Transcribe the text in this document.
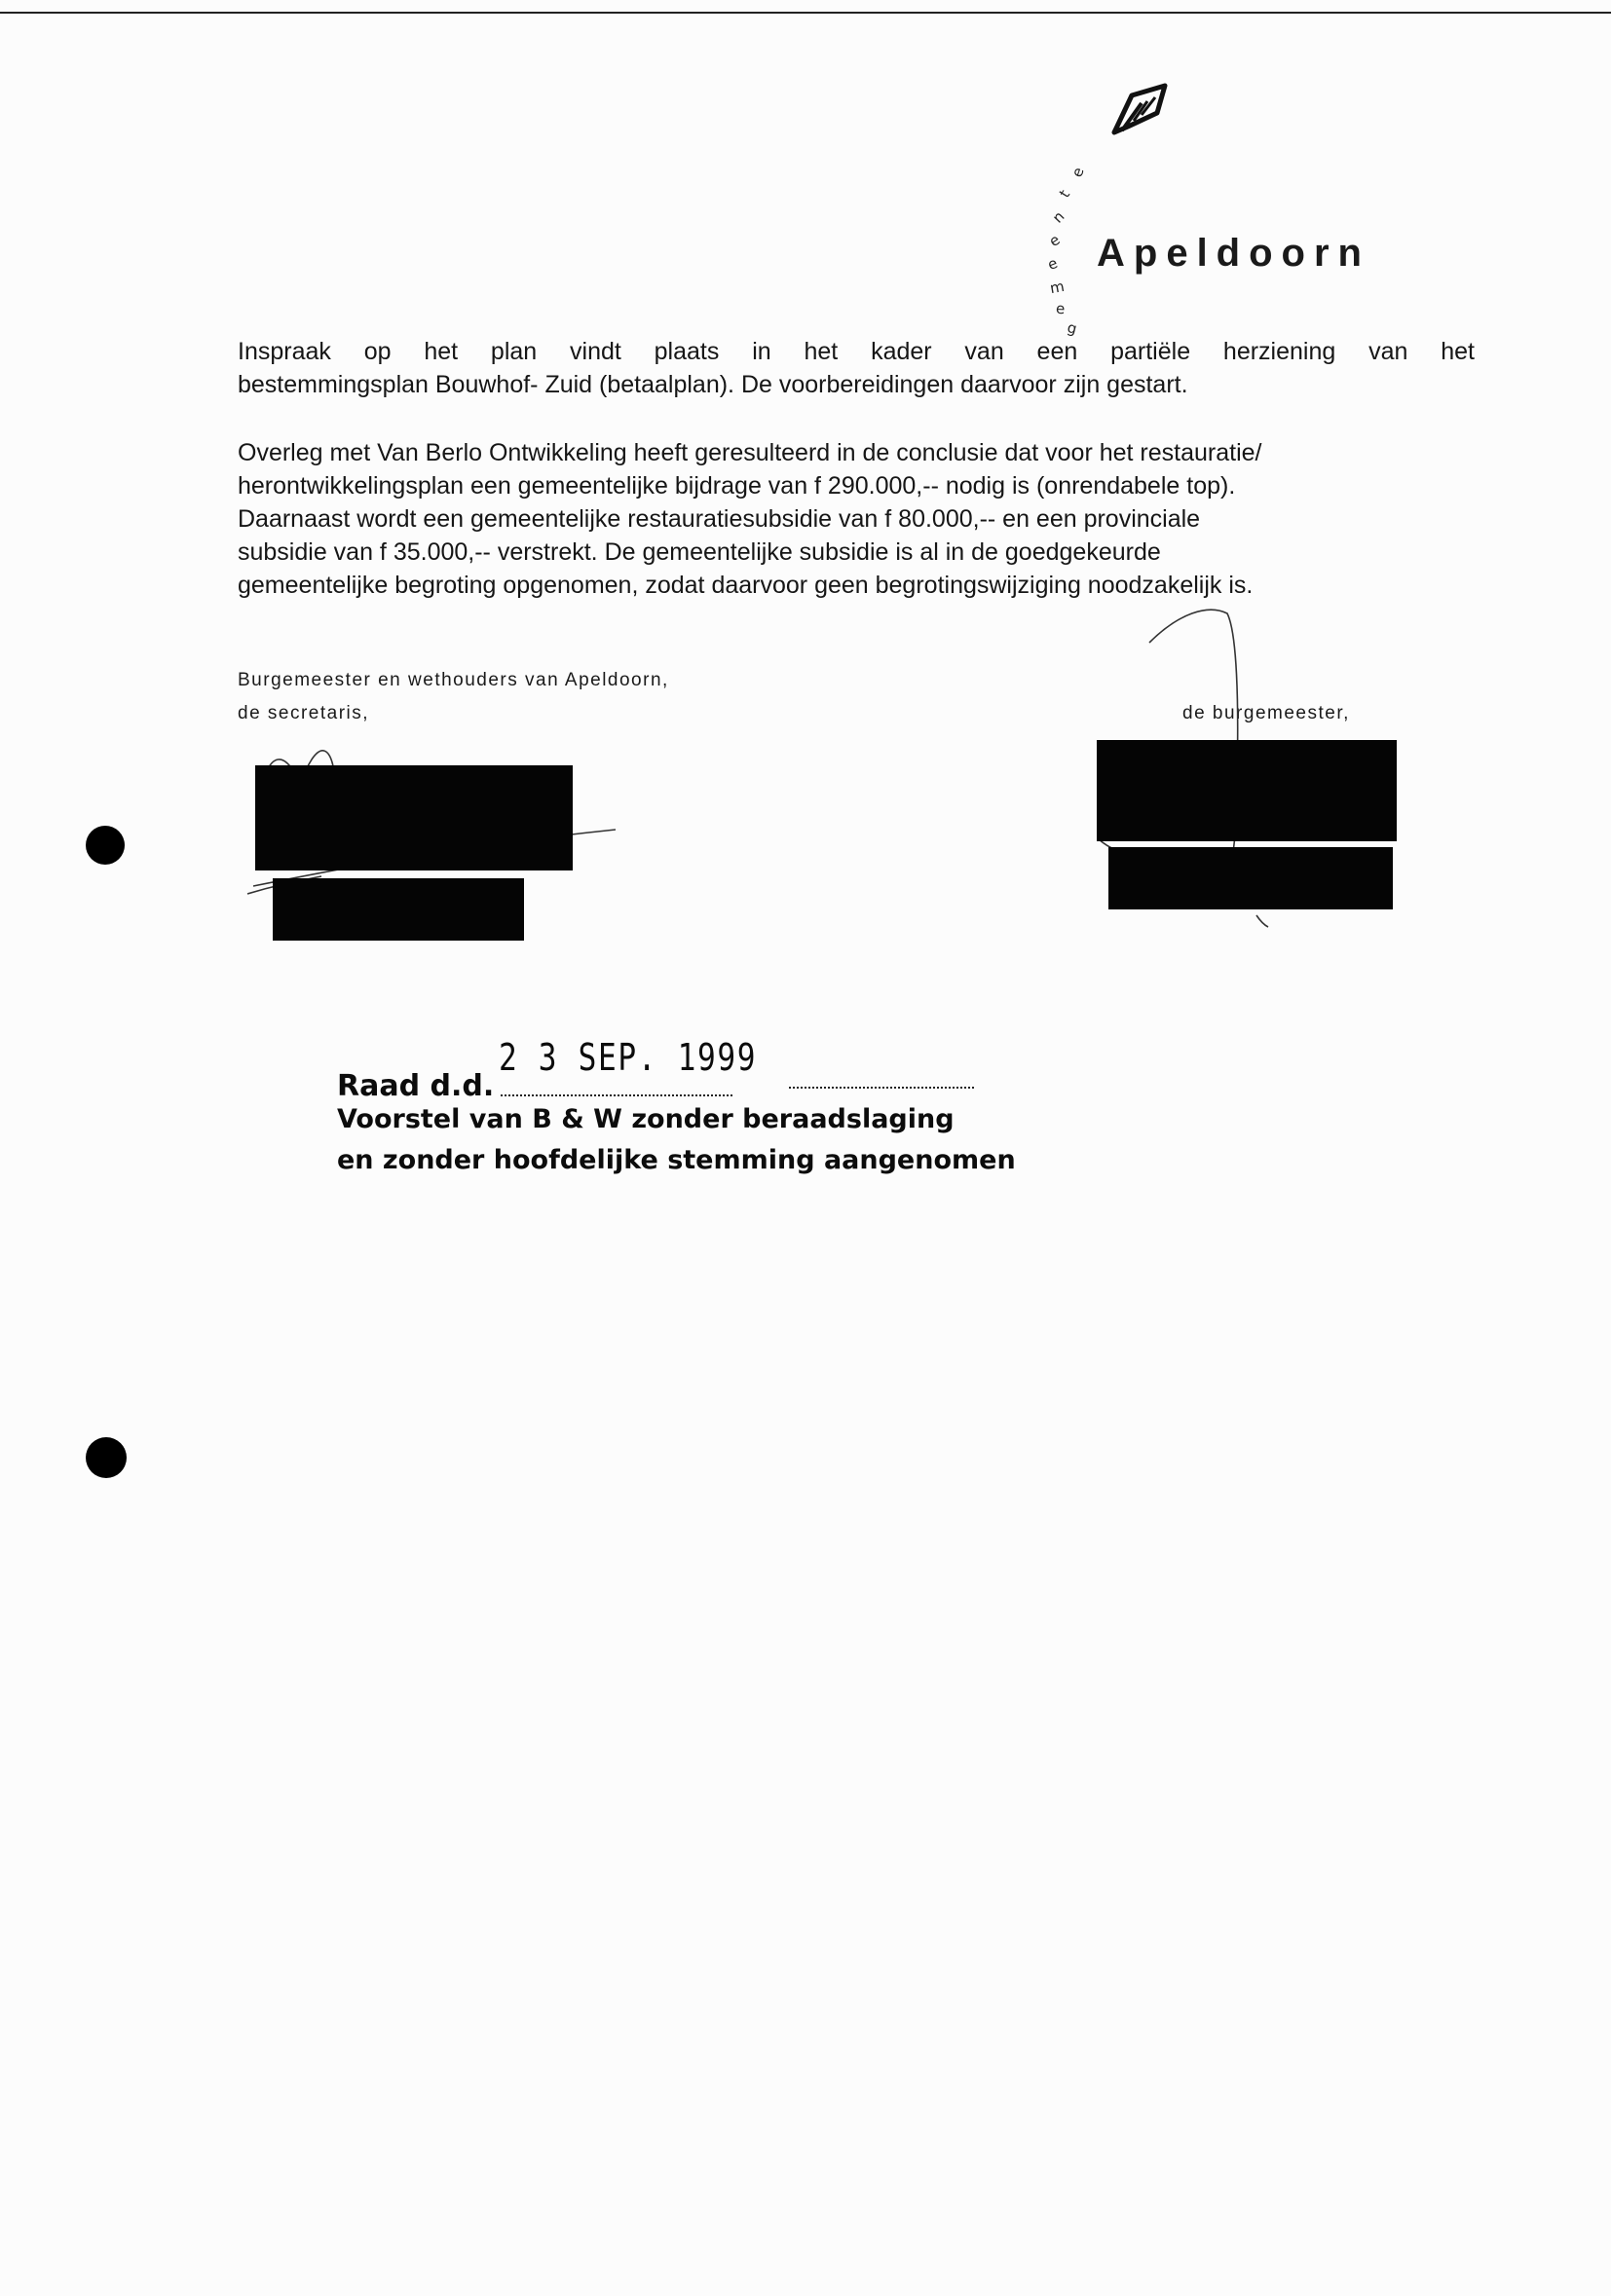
e
t
n
e
e
m
e
g
Apeldoorn
Inspraak op het plan vindt plaats in het kader van een partiële herziening van het
bestemmingsplan Bouwhof- Zuid (betaalplan). De voorbereidingen daarvoor zijn gestart.
Overleg met Van Berlo Ontwikkeling heeft geresulteerd in de conclusie dat voor het restauratie/
herontwikkelingsplan een gemeentelijke bijdrage van f 290.000,-- nodig is (onrendabele top).
Daarnaast wordt een gemeentelijke restauratiesubsidie van f 80.000,-- en een provinciale
subsidie van f 35.000,-- verstrekt. De gemeentelijke subsidie is al in de goedgekeurde
gemeentelijke begroting opgenomen, zodat daarvoor geen begrotingswijziging noodzakelijk is.
Burgemeester en wethouders van Apeldoorn,
de secretaris,	de burgemeester,
Raad d.d.
2 3 SEP. 1999
Voorstel van B & W zonder beraadslaging
en zonder hoofdelijke stemming aangenomen
